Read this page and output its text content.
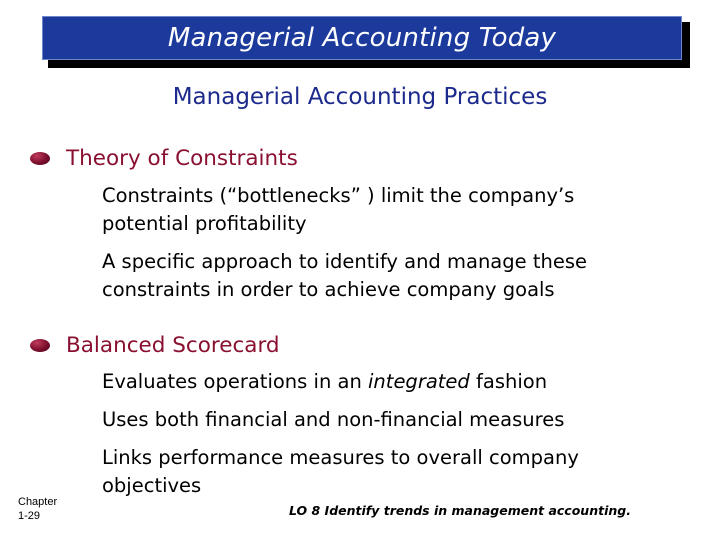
Managerial Accounting Today
Managerial Accounting Practices
Theory of Constraints
Constraints (“bottlenecks” ) limit the company’s
potential profitability
A specific approach to identify and manage these
constraints in order to achieve company goals
Balanced Scorecard
Evaluates operations in an integrated fashion
Uses both financial and non-financial measures
Links performance measures to overall company
objectives
Chapter
1-29	LO 8 Identify trends in management accounting.
